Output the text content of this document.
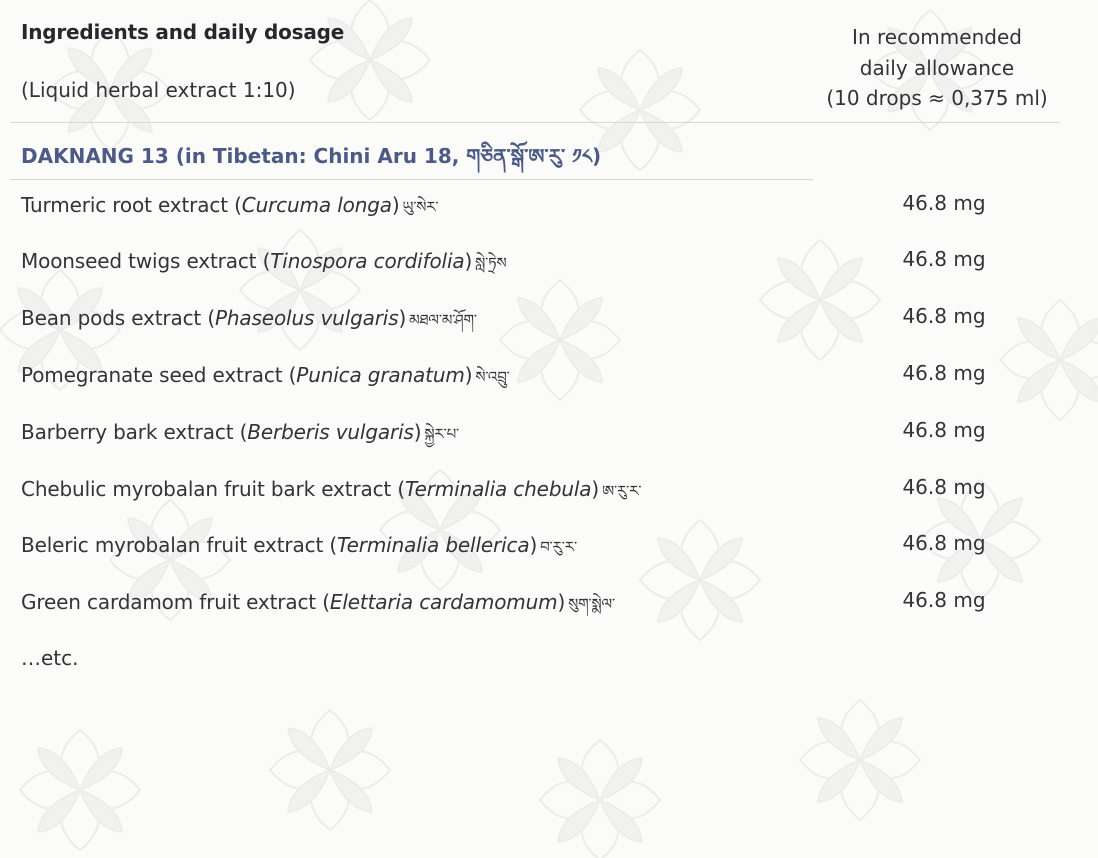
Ingredients and daily dosage
(Liquid herbal extract 1:10)
In recommended
daily allowance
(10 drops ≈ 0,375 ml)
DAKNANG 13 (in Tibetan: Chini Aru 18, གཅིན་སྒོ་ཨ་རུ་ ༡༨)
Turmeric root extract (Curcuma longa) ཡུ་སེར་	46.8 mg
Moonseed twigs extract (Tinospora cordifolia) སླེ་ཏྲེས	46.8 mg
Bean pods extract (Phaseolus vulgaris) མཐལ་མ་ཤོག་	46.8 mg
Pomegranate seed extract (Punica granatum) སེ་འབྲུ་	46.8 mg
Barberry bark extract (Berberis vulgaris) སྐྱེར་པ་	46.8 mg
Chebulic myrobalan fruit bark extract (Terminalia chebula) ཨ་རུ་ར་	46.8 mg
Beleric myrobalan fruit extract (Terminalia bellerica) བ་རུ་ར་	46.8 mg
Green cardamom fruit extract (Elettaria cardamomum) སུག་སྨེལ་	46.8 mg
…etc.
